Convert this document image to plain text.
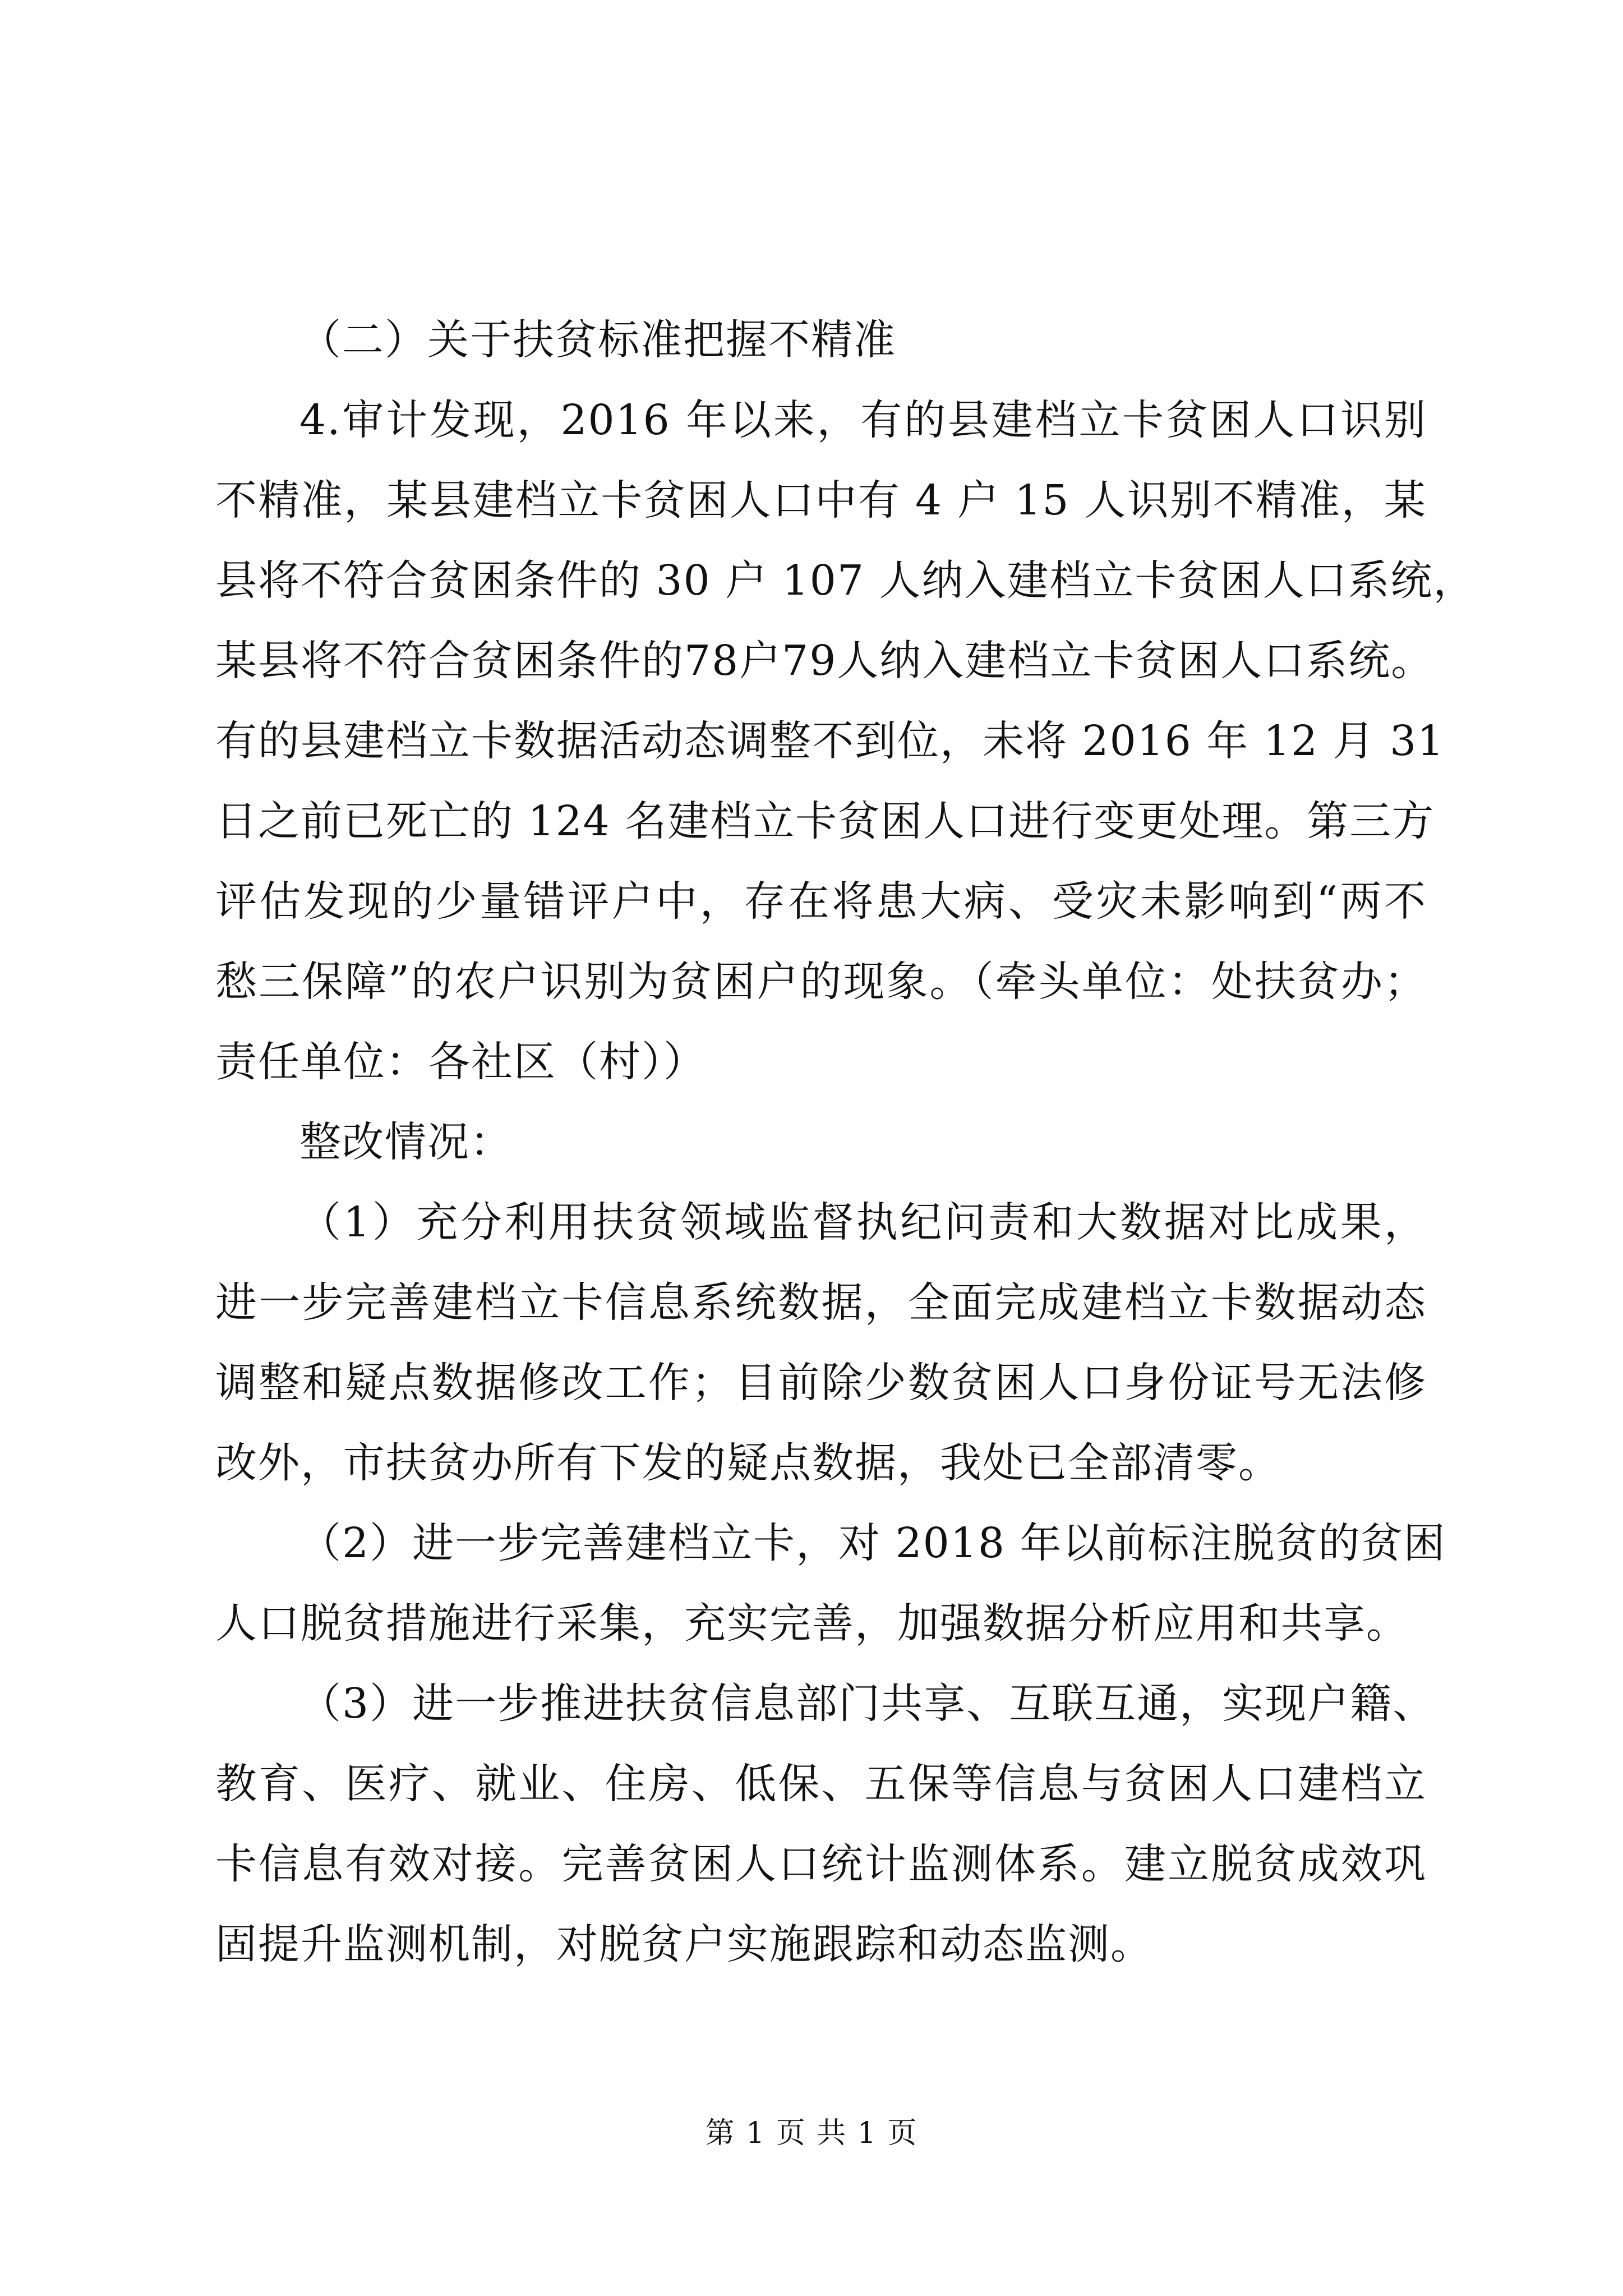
（二）关于扶贫标准把握不精准
4.审计发现，2016 年以来，有的县建档立卡贫困人口识别
不精准，某县建档立卡贫困人口中有 4 户 15 人识别不精准，某
县将不符合贫困条件的 30 户 107 人纳入建档立卡贫困人口系统，
某县将不符合贫困条件的78户79人纳入建档立卡贫困人口系统。
有的县建档立卡数据活动态调整不到位，未将 2016 年 12 月 31
日之前已死亡的 124 名建档立卡贫困人口进行变更处理。第三方
评估发现的少量错评户中，存在将患大病、受灾未影响到“两不
愁三保障”的农户识别为贫困户的现象。（牵头单位：处扶贫办；
责任单位：各社区（村））
整改情况：
（1）充分利用扶贫领域监督执纪问责和大数据对比成果，
进一步完善建档立卡信息系统数据，全面完成建档立卡数据动态
调整和疑点数据修改工作；目前除少数贫困人口身份证号无法修
改外，市扶贫办所有下发的疑点数据，我处已全部清零。
（2）进一步完善建档立卡，对 2018 年以前标注脱贫的贫困
人口脱贫措施进行采集，充实完善，加强数据分析应用和共享。
（3）进一步推进扶贫信息部门共享、互联互通，实现户籍、
教育、医疗、就业、住房、低保、五保等信息与贫困人口建档立
卡信息有效对接。完善贫困人口统计监测体系。建立脱贫成效巩
固提升监测机制，对脱贫户实施跟踪和动态监测。
第 1 页 共 1 页
